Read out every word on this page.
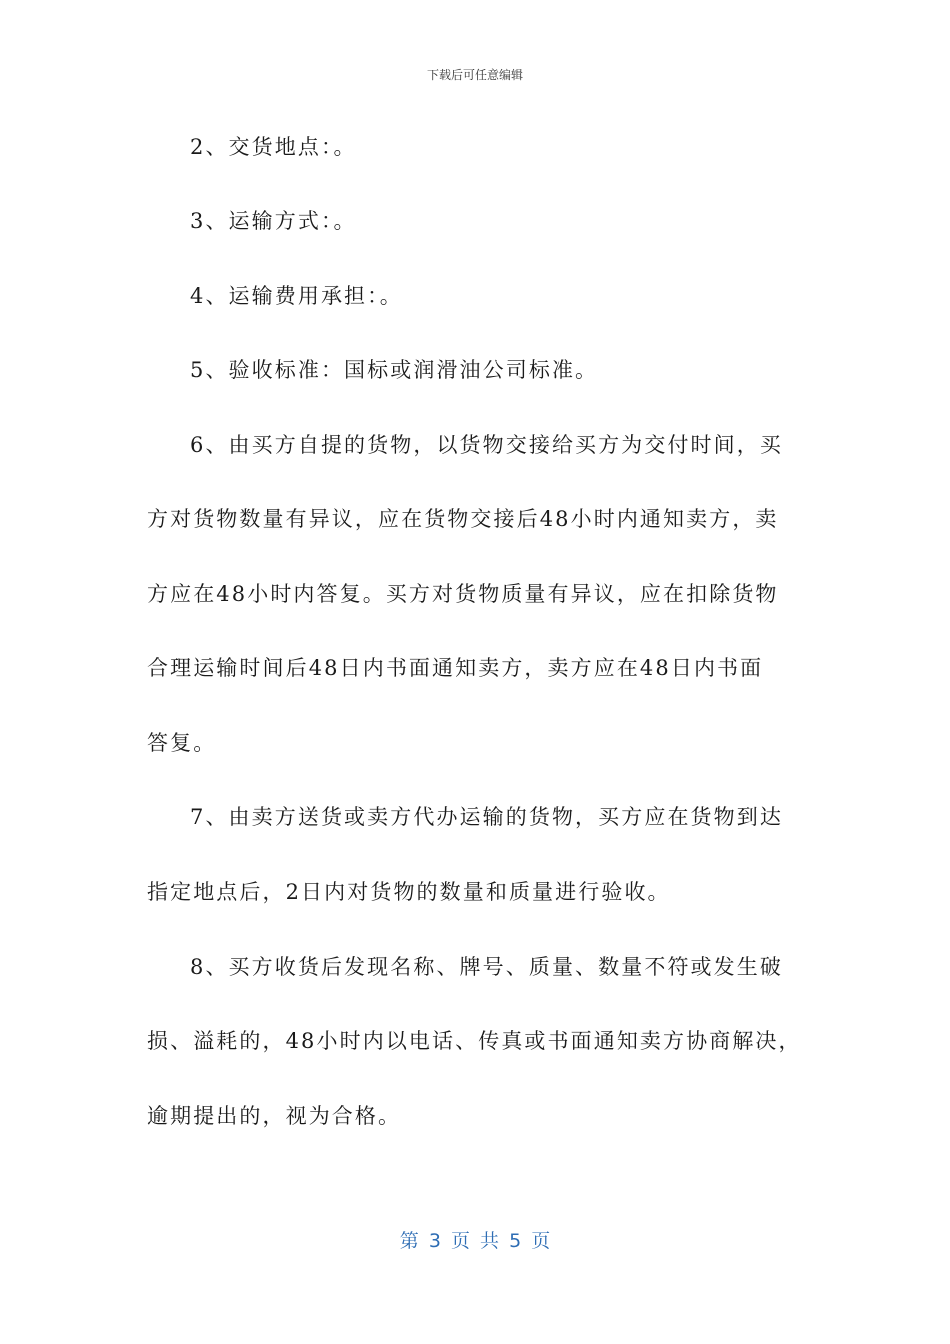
下载后可任意编辑
2、交货地点：。
3、运输方式：。
4、运输费用承担：。
5、验收标准：国标或润滑油公司标准。
6、由买方自提的货物，以货物交接给买方为交付时间，买
方对货物数量有异议，应在货物交接后48小时内通知卖方，卖
方应在48小时内答复。买方对货物质量有异议，应在扣除货物
合理运输时间后48日内书面通知卖方，卖方应在48日内书面
答复。
7、由卖方送货或卖方代办运输的货物，买方应在货物到达
指定地点后，2日内对货物的数量和质量进行验收。
8、买方收货后发现名称、牌号、质量、数量不符或发生破
损、溢耗的，48小时内以电话、传真或书面通知卖方协商解决，
逾期提出的，视为合格。
第 3 页 共 5 页
